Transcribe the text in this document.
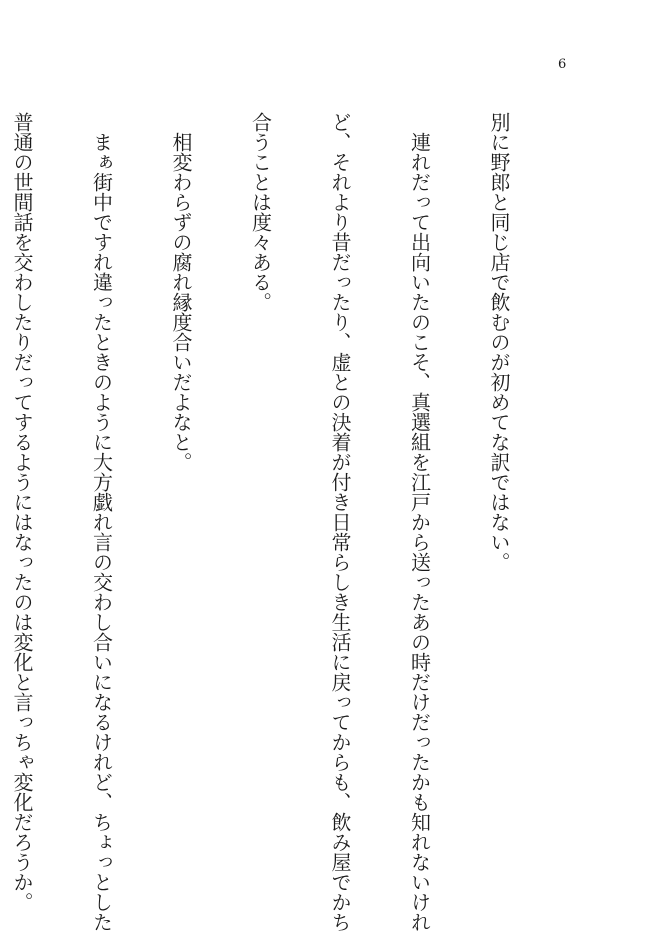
6

別に野郎と同じ店で飲むのが初めてな訳ではない。

　連れだって出向いたのこそ、真選組を江戸から送ったあの時だけだったかも知れないけれ

ど、それより昔だったり、虚との決着が付き日常らしき生活に戻ってからも、飲み屋でかち

合うことは度々ある。

　相変わらずの腐れ縁度合いだよなと。

　まぁ街中ですれ違ったときのように大方戯れ言の交わし合いになるけれど、ちょっとした

普通の世間話を交わしたりだってするようにはなったのは変化と言っちゃ変化だろうか。
